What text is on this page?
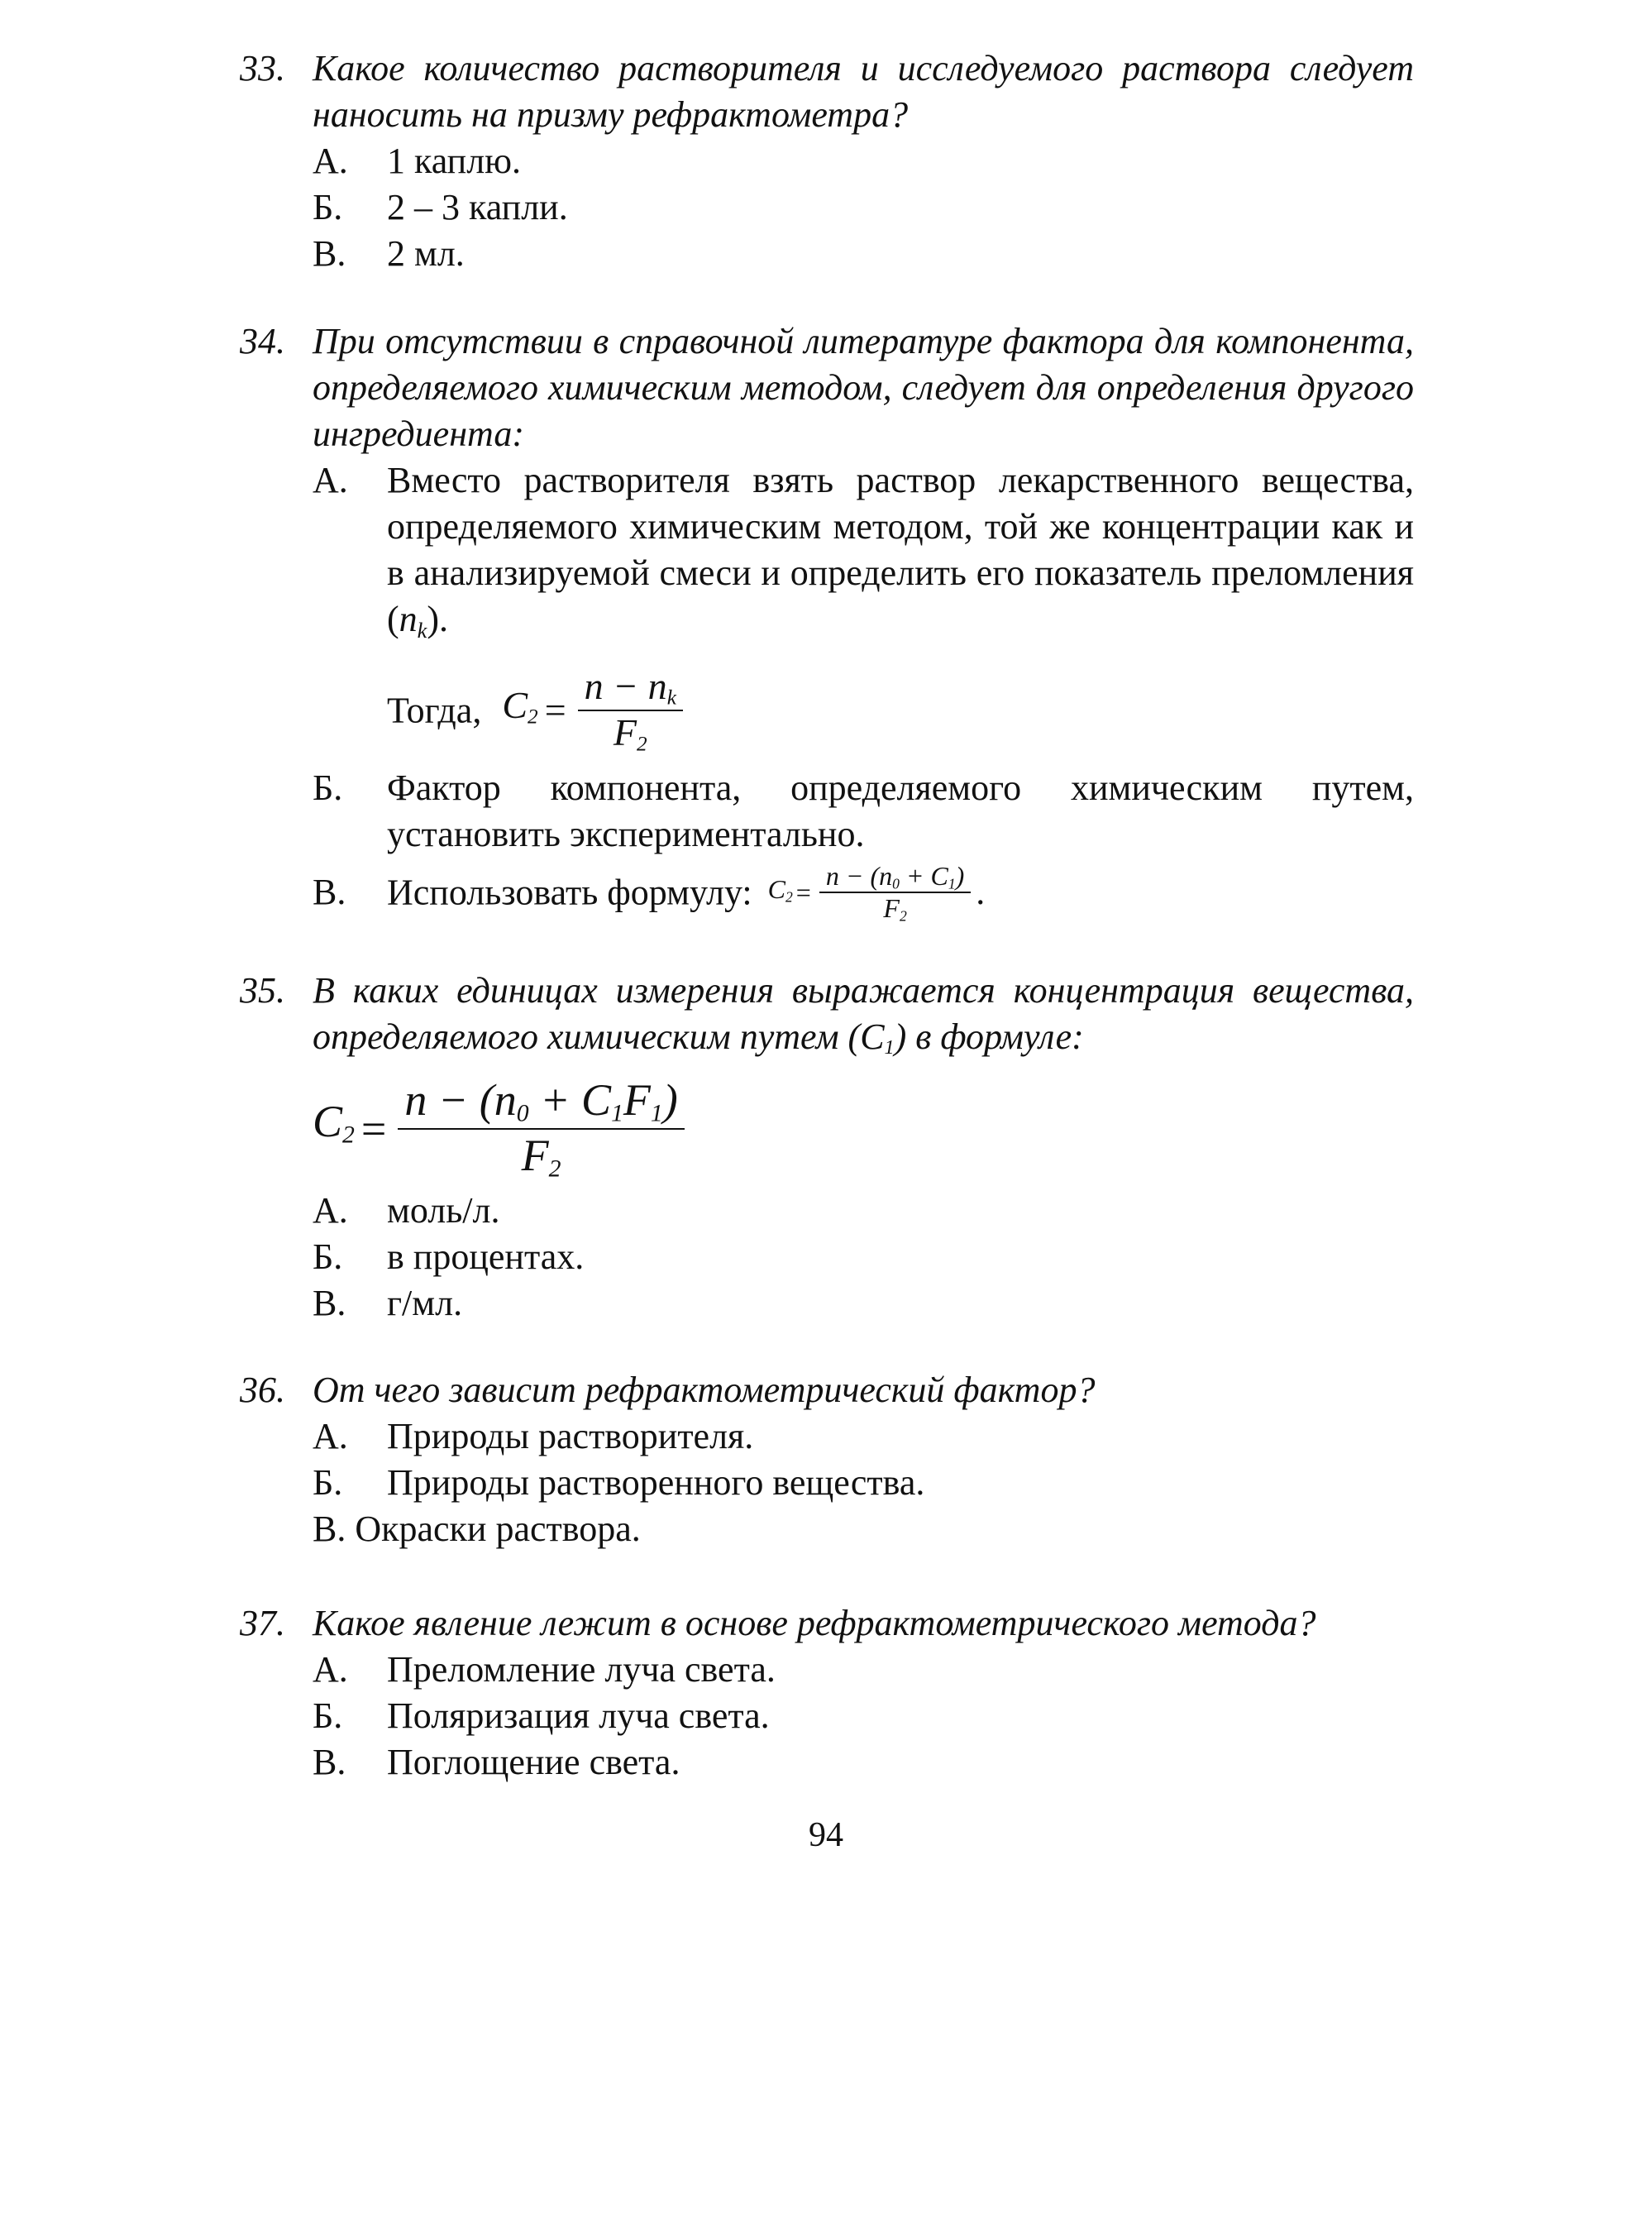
33. Какое количество растворителя и исследуемого раствора следует наносить на призму рефрактометра?
А.	1 каплю.
Б.	2 – 3 капли.
В.	2 мл.
34. При отсутствии в справочной литературе фактора для компонента, определяемого химическим методом, следует для определения другого ингредиента:
А.	Вместо растворителя взять раствор лекарственного вещества, определяемого химическим методом, той же концентрации как и в анализируемой смеси и определить его показатель преломления (nk).
Тогда, $C_2 = \frac{n - n_k}{F_2}$
Б.	Фактор компонента, определяемого химическим путем, установить экспериментально.
В.	Использовать формулу: $C_2 = \frac{n - (n_0 + C_1)}{F_2}$ .
35. В каких единицах измерения выражается концентрация вещества, определяемого химическим путем $(C_1)$ в формуле:
$C_2 = \frac{n - (n_0 + C_1F_1)}{F_2}$
А.	моль/л.
Б.	в процентах.
В.	г/мл.
36. От чего зависит рефрактометрический фактор?
А.	Природы растворителя.
Б.	Природы растворенного вещества.
В. Окраски раствора.
37. Какое явление лежит в основе рефрактометрического метода?
А.	Преломление луча света.
Б.	Поляризация луча света.
В.	Поглощение света.
94
